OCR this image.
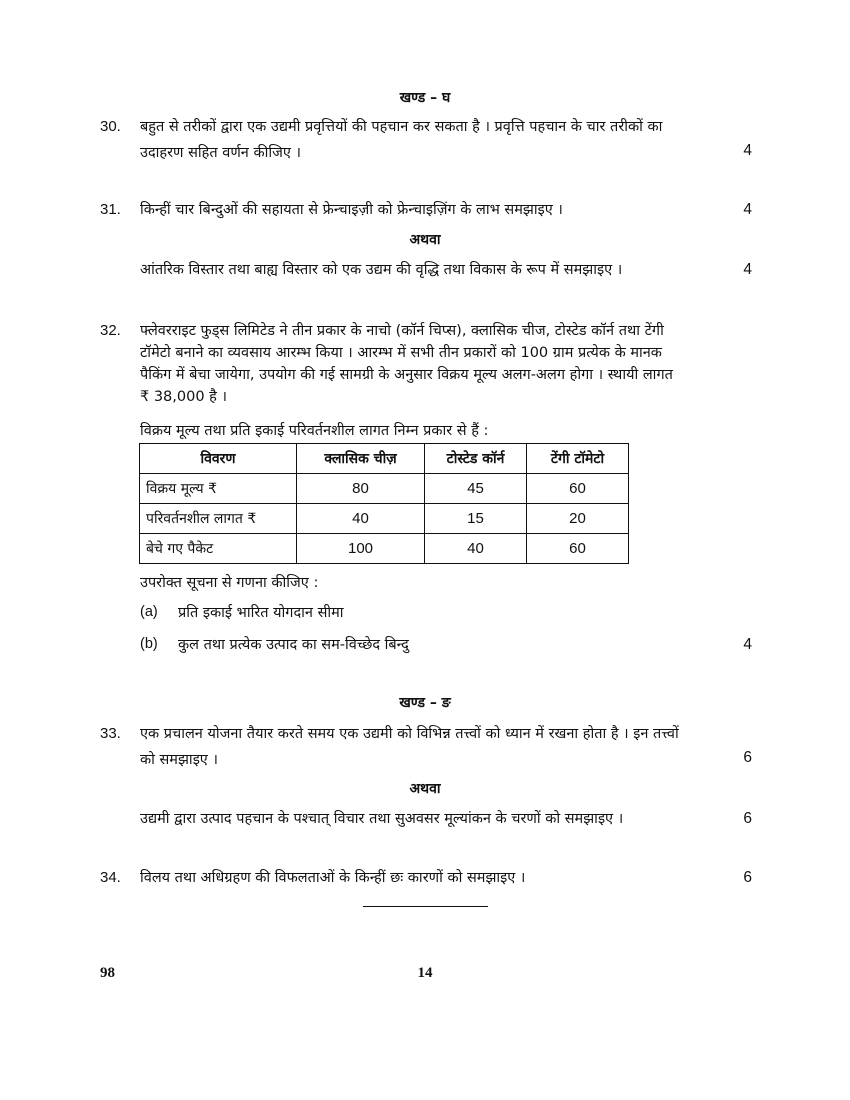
खण्ड – घ
30.	बहुत से तरीकों द्वारा एक उद्यमी प्रवृत्तियों की पहचान कर सकता है । प्रवृत्ति पहचान के चार तरीकों का
उदाहरण सहित वर्णन कीजिए ।	4
31.	किन्हीं चार बिन्दुओं की सहायता से फ्रेन्चाइज़ी को फ्रेन्चाइज़िंग के लाभ समझाइए ।	4
अथवा
आंतरिक विस्तार तथा बाह्य विस्तार को एक उद्यम की वृद्धि तथा विकास के रूप में समझाइए ।	4
32.	फ्लेवरराइट फुड्स लिमिटेड ने तीन प्रकार के नाचो (कॉर्न चिप्स), क्लासिक चीज, टोस्टेड कॉर्न तथा टेंगी
टॉमेटो बनाने का व्यवसाय आरम्भ किया । आरम्भ में सभी तीन प्रकारों को 100 ग्राम प्रत्येक के मानक
पैकिंग में बेचा जायेगा, उपयोग की गई सामग्री के अनुसार विक्रय मूल्य अलग-अलग होगा । स्थायी लागत
₹ 38,000 है ।
विक्रय मूल्य तथा प्रति इकाई परिवर्तनशील लागत निम्न प्रकार से हैं :
विवरण	क्लासिक चीज़	टोस्टेड कॉर्न	टेंगी टॉमेटो
विक्रय मूल्य ₹	80	45	60
परिवर्तनशील लागत ₹	40	15	20
बेचे गए पैकेट	100	40	60
उपरोक्त सूचना से गणना कीजिए :
(a)	प्रति इकाई भारित योगदान सीमा
(b)	कुल तथा प्रत्येक उत्पाद का सम-विच्छेद बिन्दु	4
खण्ड – ङ
33.	एक प्रचालन योजना तैयार करते समय एक उद्यमी को विभिन्न तत्त्वों को ध्यान में रखना होता है । इन तत्त्वों
को समझाइए ।	6
अथवा
उद्यमी द्वारा उत्पाद पहचान के पश्चात् विचार तथा सुअवसर मूल्यांकन के चरणों को समझाइए ।	6
34.	विलय तथा अधिग्रहण की विफलताओं के किन्हीं छः कारणों को समझाइए ।	6
98	14
